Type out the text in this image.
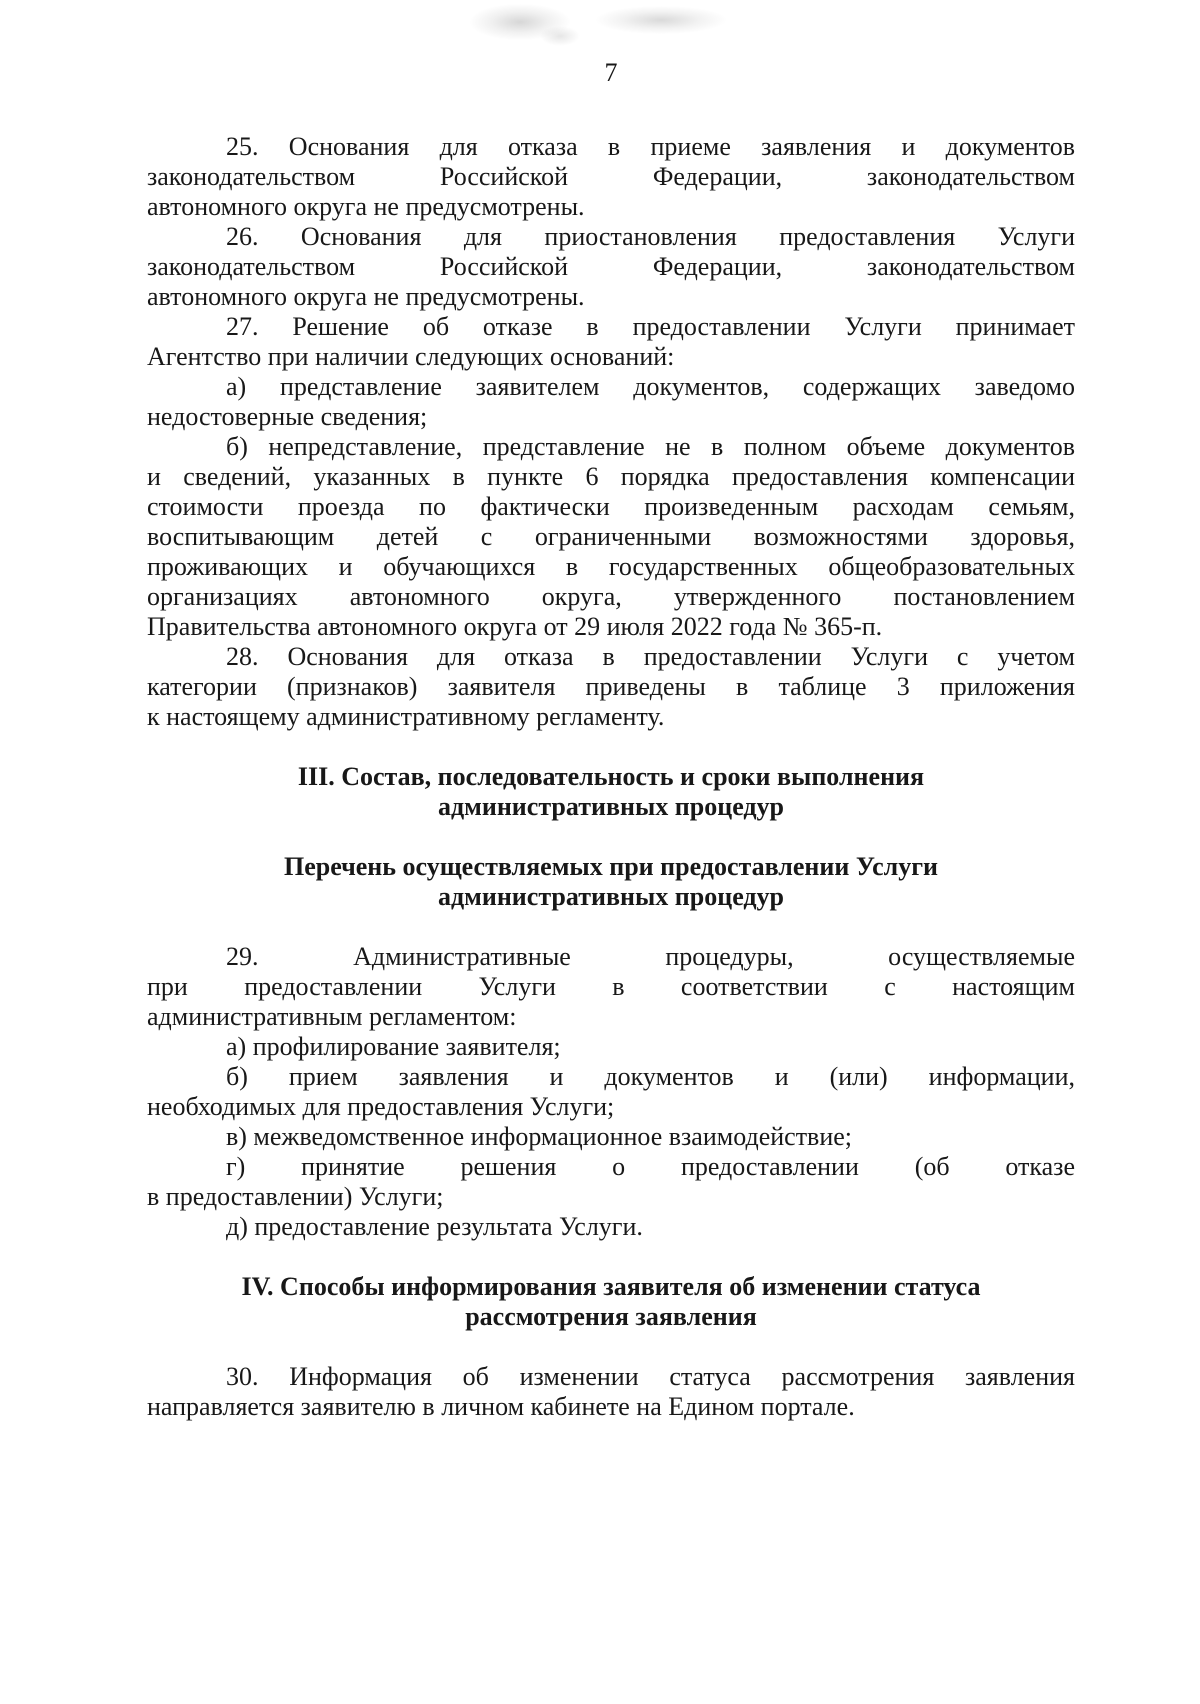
7
25. Основания для отказа в приеме заявления и документов
законодательством Российской Федерации, законодательством
автономного округа не предусмотрены.
26. Основания для приостановления предоставления Услуги
законодательством Российской Федерации, законодательством
автономного округа не предусмотрены.
27. Решение об отказе в предоставлении Услуги принимает
Агентство при наличии следующих оснований:
а) представление заявителем документов, содержащих заведомо
недостоверные сведения;
б) непредставление, представление не в полном объеме документов
и сведений, указанных в пункте 6 порядка предоставления компенсации
стоимости проезда по фактически произведенным расходам семьям,
воспитывающим детей с ограниченными возможностями здоровья,
проживающих и обучающихся в государственных общеобразовательных
организациях автономного округа, утвержденного постановлением
Правительства автономного округа от 29 июля 2022 года № 365-п.
28. Основания для отказа в предоставлении Услуги с учетом
категории (признаков) заявителя приведены в таблице 3 приложения
к настоящему административному регламенту.
III. Состав, последовательность и сроки выполнения
административных процедур
Перечень осуществляемых при предоставлении Услуги
административных процедур
29. Административные процедуры, осуществляемые
при предоставлении Услуги в соответствии с настоящим
административным регламентом:
а) профилирование заявителя;
б) прием заявления и документов и (или) информации,
необходимых для предоставления Услуги;
в) межведомственное информационное взаимодействие;
г) принятие решения о предоставлении (об отказе
в предоставлении) Услуги;
д) предоставление результата Услуги.
IV. Способы информирования заявителя об изменении статуса
рассмотрения заявления
30. Информация об изменении статуса рассмотрения заявления
направляется заявителю в личном кабинете на Едином портале.
